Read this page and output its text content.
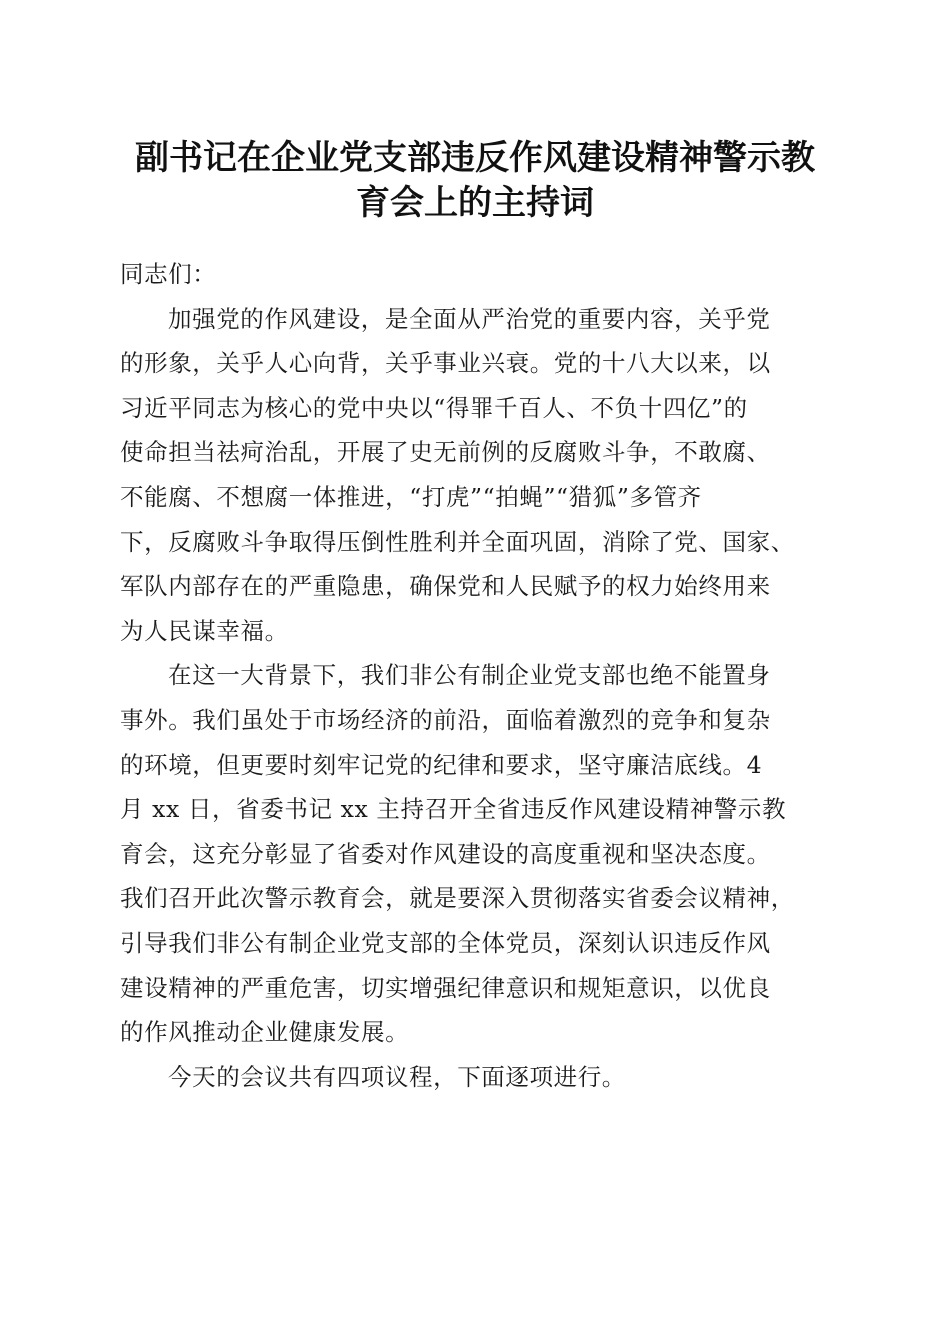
副书记在企业党支部违反作风建设精神警示教
育会上的主持词
同志们：
加强党的作风建设，是全面从严治党的重要内容，关乎党
的形象，关乎人心向背，关乎事业兴衰。党的十八大以来，以
习近平同志为核心的党中央以“得罪千百人、不负十四亿”的
使命担当祛疴治乱，开展了史无前例的反腐败斗争，不敢腐、
不能腐、不想腐一体推进，“打虎”“拍蝇”“猎狐”多管齐
下，反腐败斗争取得压倒性胜利并全面巩固，消除了党、国家、
军队内部存在的严重隐患，确保党和人民赋予的权力始终用来
为人民谋幸福。
在这一大背景下，我们非公有制企业党支部也绝不能置身
事外。我们虽处于市场经济的前沿，面临着激烈的竞争和复杂
的环境，但更要时刻牢记党的纪律和要求，坚守廉洁底线。4
月 xx 日，省委书记 xx 主持召开全省违反作风建设精神警示教
育会，这充分彰显了省委对作风建设的高度重视和坚决态度。
我们召开此次警示教育会，就是要深入贯彻落实省委会议精神，
引导我们非公有制企业党支部的全体党员，深刻认识违反作风
建设精神的严重危害，切实增强纪律意识和规矩意识，以优良
的作风推动企业健康发展。
今天的会议共有四项议程，下面逐项进行。
